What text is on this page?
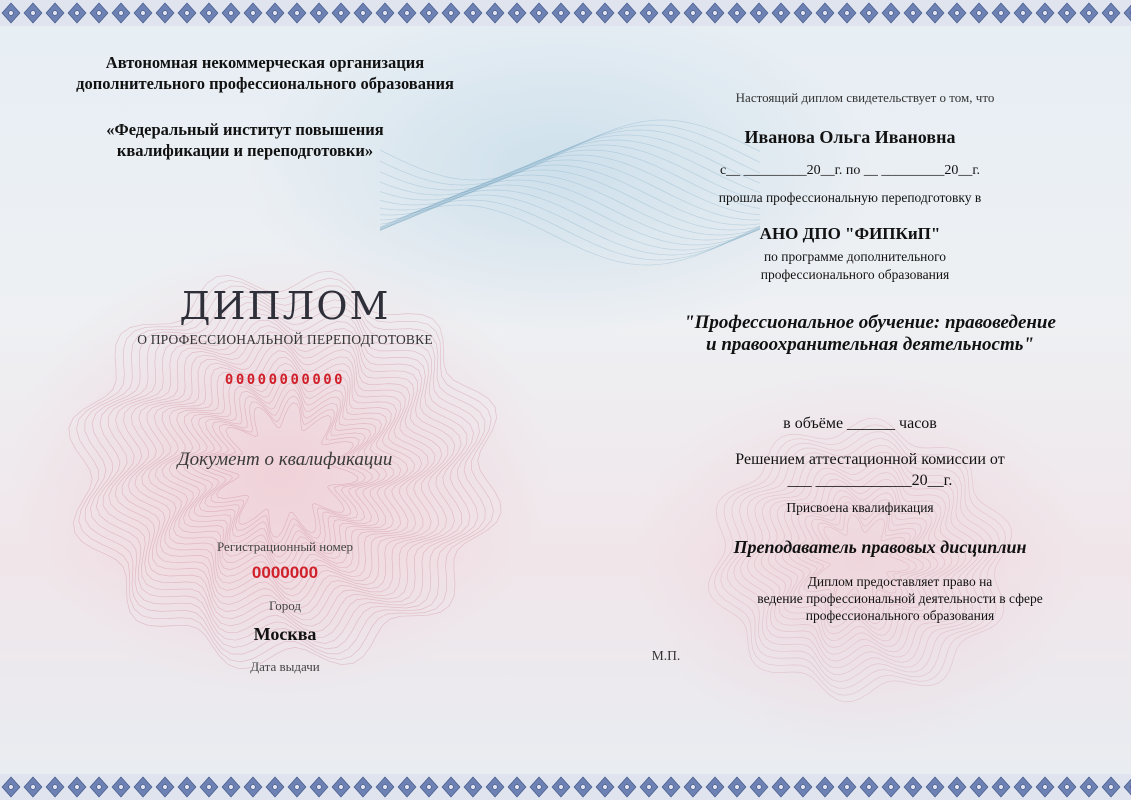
Автономная некоммерческая организация
дополнительного профессионального образования
«Федеральный институт повышения
квалификации и переподготовки»
ДИПЛОМ
О ПРОФЕССИОНАЛЬНОЙ ПЕРЕПОДГОТОВКЕ
00000000000
Документ о квалификации
Регистрационный номер
0000000
Город
Москва
Дата выдачи
Настоящий диплом свидетельствует о том, что
Иванова Ольга Ивановна
с__ _________20__г. по __ _________20__г.
прошла профессиональную переподготовку в
АНО ДПО "ФИПКиП"
по программе дополнительного
профессионального образования
"Профессиональное обучение: правоведение
и правоохранительная деятельность"
в объёме ______ часов
Решением аттестационной комиссии от
___ ____________20__г.
Присвоена квалификация
Преподаватель правовых дисциплин
Диплом предоставляет право на
ведение профессиональной деятельности в сфере
профессионального образования
М.П.
